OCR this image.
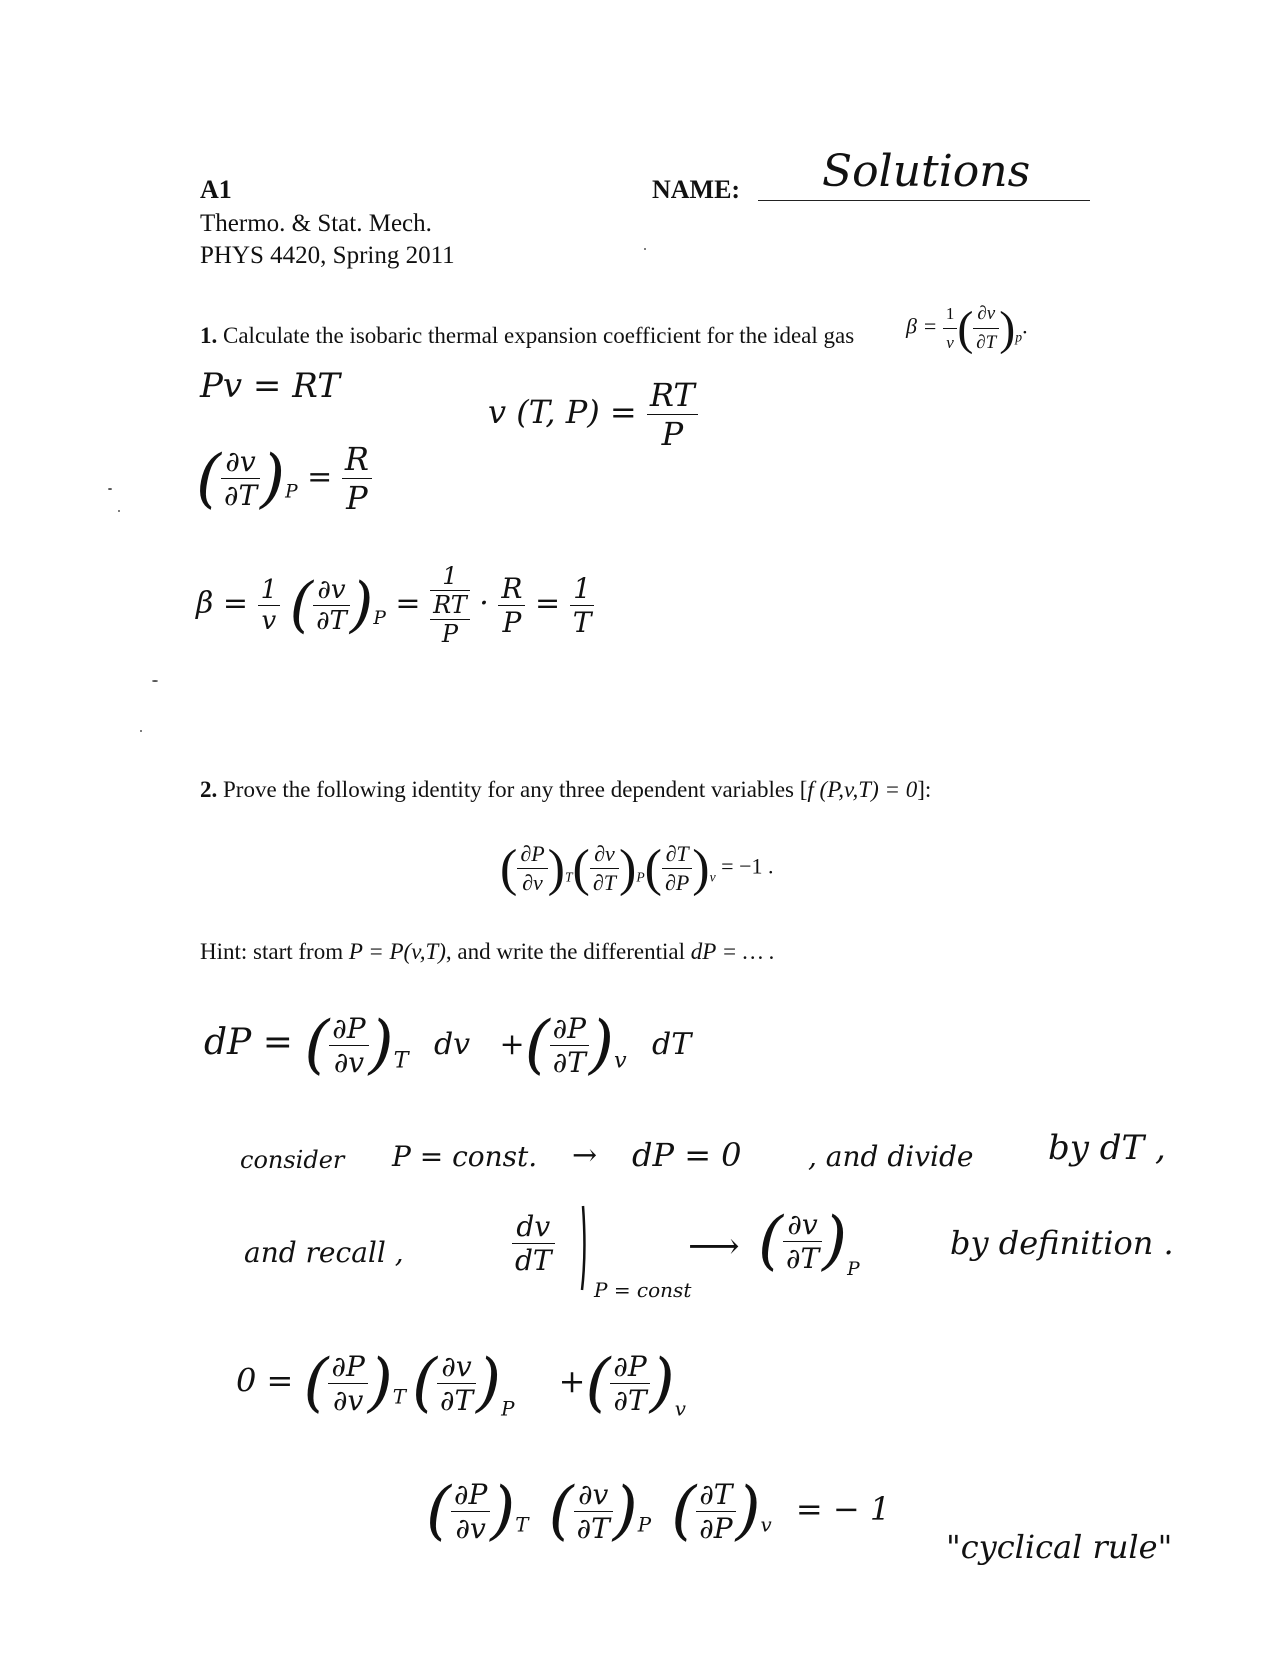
A1
Thermo. & Stat. Mech.
PHYS 4420, Spring 2011
NAME: Solutions
1. Calculate the isobaric thermal expansion coefficient for the ideal gas $\beta = \frac{1}{v}$ ( $\frac{\partial v}{\partial T} )_p$.
Pv = RT
v (T, $P) = \frac{RT}{P}$
( $\frac{\partial v}{\partial T} )_P = \frac{R}{P}$
$\beta = \frac{1}{v}$ ( $\frac{\partial v}{\partial T} )_P$ =
1
RT
P
· $\frac{R}{P} = \frac{1}{T}$
2. Prove the following identity for any three dependent variables [f (P,v,T) = 0]:
( $\frac{\partial P}{\partial v} )_T( \frac{\partial v}{\partial T} )_P( \frac{\partial T}{\partial P} )_v = -1$ .
Hint: start from P = P(v,T), and write the differential dP = … .
dP = ( $\frac{\partial P}{\partial v} )_T$ dv +( $\frac{\partial P}{\partial T} )_v$ dT
consider P = const. → dP = 0 , and divide by dT ,
and recall ,	$\frac{dv}{dT}$
P = const
⟶ ( $\frac{\partial v}{\partial T} )_P$
by definition .
0 = ( $\frac{\partial P}{\partial v} )_T( \frac{\partial v}{\partial T} )_P$ +( $\frac{\partial P}{\partial T} )_v$
( $\frac{\partial P}{\partial v} )_T$ ( $\frac{\partial v}{\partial T} )_P$ ( $\frac{\partial T}{\partial P} )_v$ = − 1
"cyclical rule"
